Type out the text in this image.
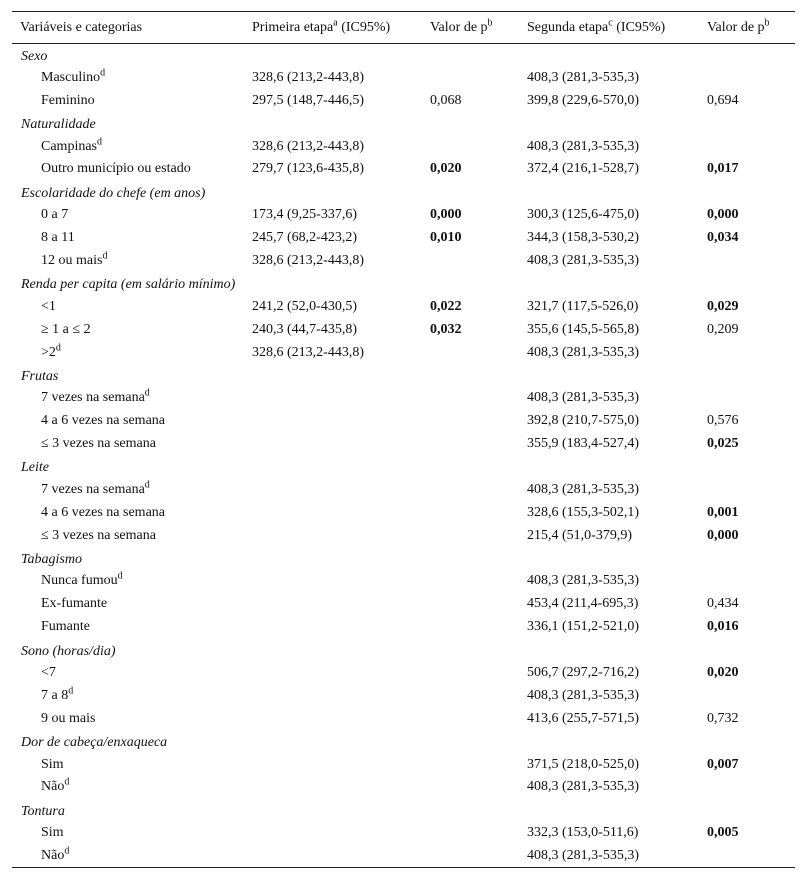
Variáveis e categorias	Primeira etapa$^a$ (IC95%)	Valor de $p^b$	Segunda etapa$^c$ (IC95%)	Valor de $p^b$
Sexo				
Masculino$^d$	328,6 (213,2-443,8)		408,3 (281,3-535,3)	
Feminino	297,5 (148,7-446,5)	0,068	399,8 (229,6-570,0)	0,694
Naturalidade				
Campinas$^d$	328,6 (213,2-443,8)		408,3 (281,3-535,3)	
Outro município ou estado	279,7 (123,6-435,8)	0,020	372,4 (216,1-528,7)	0,017
Escolaridade do chefe (em anos)				
0 a 7	173,4 (9,25-337,6)	0,000	300,3 (125,6-475,0)	0,000
8 a 11	245,7 (68,2-423,2)	0,010	344,3 (158,3-530,2)	0,034
12 ou mais$^d$	328,6 (213,2-443,8)		408,3 (281,3-535,3)	
Renda per capita (em salário mínimo)				
<1	241,2 (52,0-430,5)	0,022	321,7 (117,5-526,0)	0,029
≥ 1 a ≤ 2	240,3 (44,7-435,8)	0,032	355,6 (145,5-565,8)	0,209
$>2^d$	328,6 (213,2-443,8)		408,3 (281,3-535,3)	
Frutas				
7 vezes na semana$^d$			408,3 (281,3-535,3)	
4 a 6 vezes na semana			392,8 (210,7-575,0)	0,576
≤ 3 vezes na semana			355,9 (183,4-527,4)	0,025
Leite				
7 vezes na semana$^d$			408,3 (281,3-535,3)	
4 a 6 vezes na semana			328,6 (155,3-502,1)	0,001
≤ 3 vezes na semana			215,4 (51,0-379,9)	0,000
Tabagismo				
Nunca fumou$^d$			408,3 (281,3-535,3)	
Ex-fumante			453,4 (211,4-695,3)	0,434
Fumante			336,1 (151,2-521,0)	0,016
Sono (horas/dia)				
<7			506,7 (297,2-716,2)	0,020
7 a 8$^d$			408,3 (281,3-535,3)	
9 ou mais			413,6 (255,7-571,5)	0,732
Dor de cabeça/enxaqueca				
Sim			371,5 (218,0-525,0)	0,007
Não$^d$			408,3 (281,3-535,3)	
Tontura				
Sim			332,3 (153,0-511,6)	0,005
Não$^d$			408,3 (281,3-535,3)	
